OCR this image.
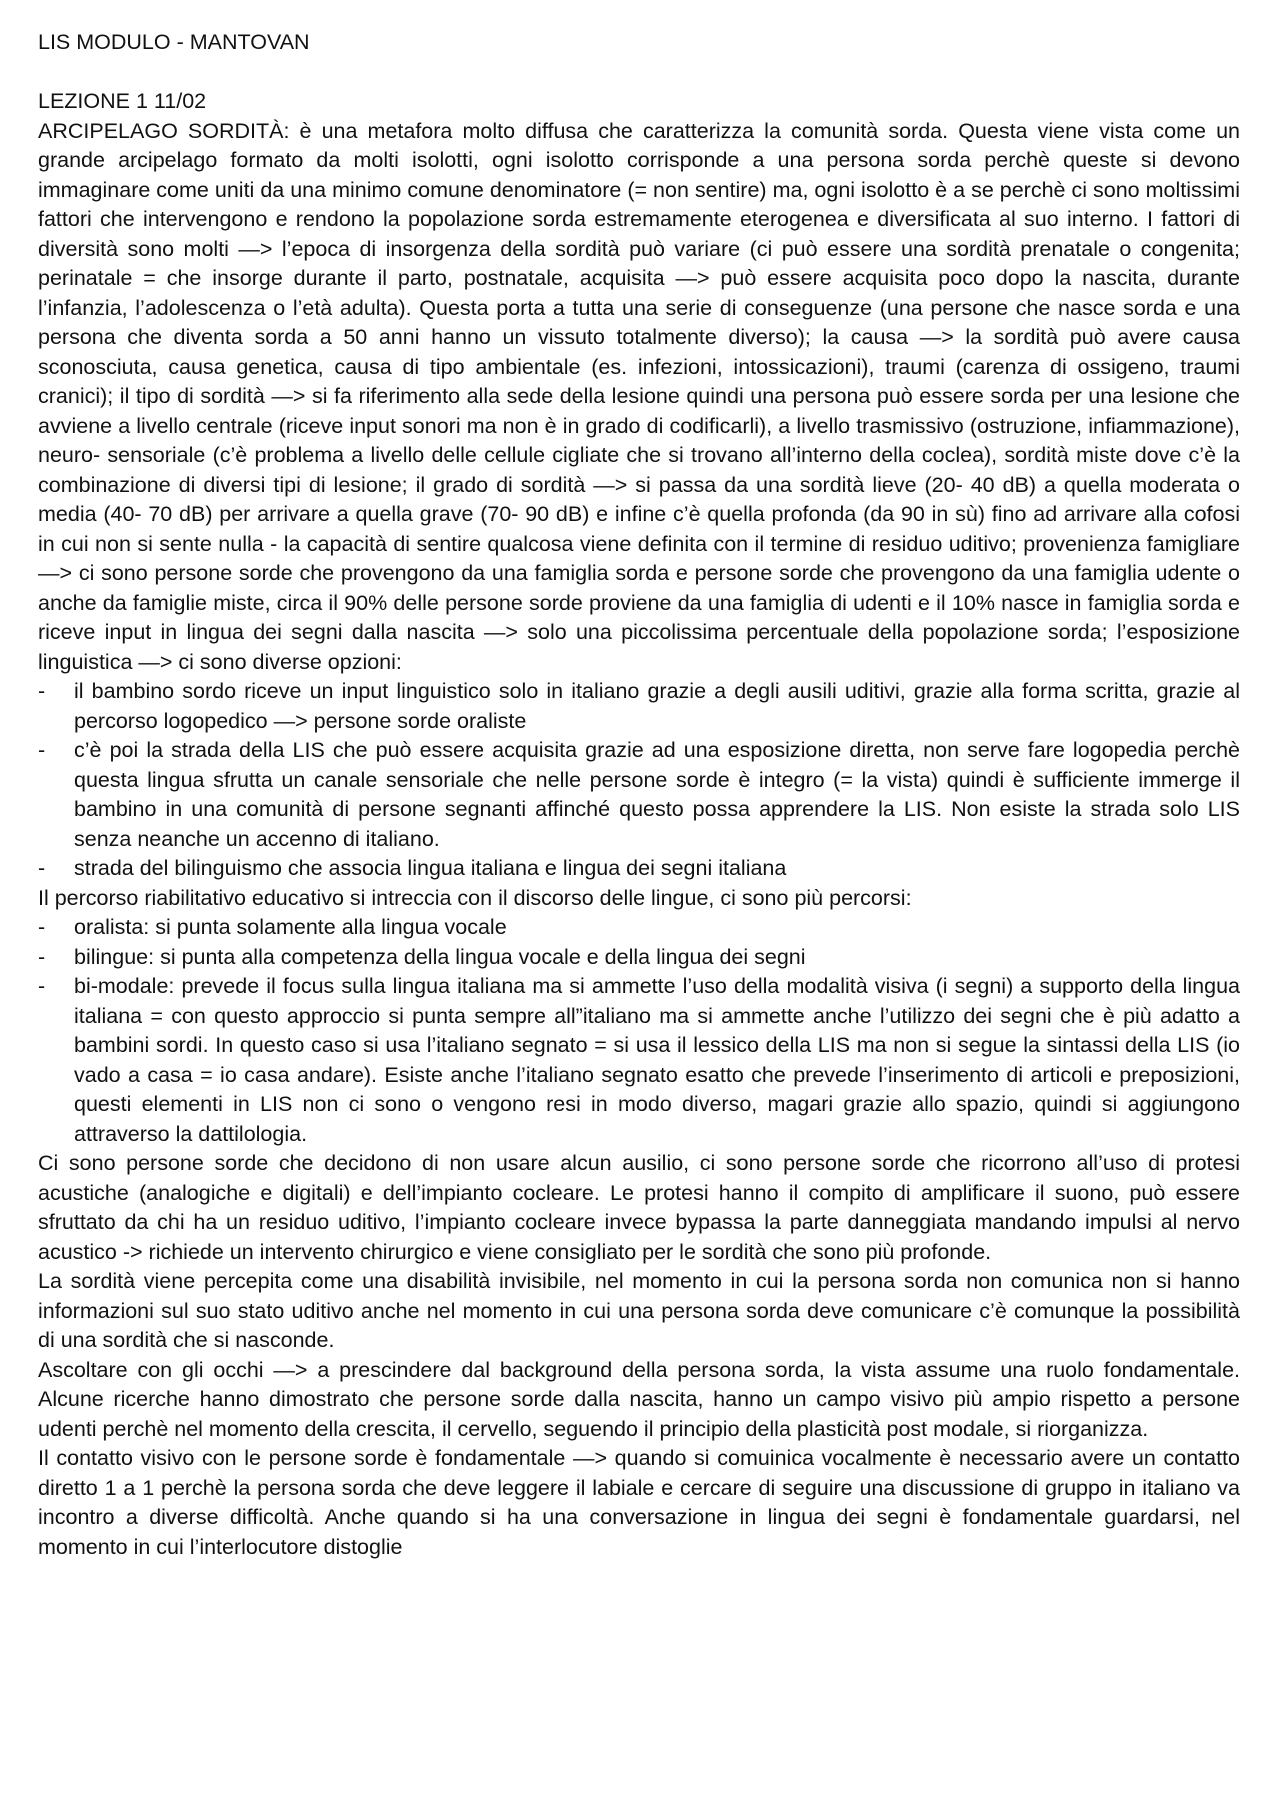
LIS MODULO - MANTOVAN
LEZIONE 1 11/02

ARCIPELAGO SORDITÀ: è una metafora molto diffusa che caratterizza la comunità sorda. Questa viene vista come un grande arcipelago formato da molti isolotti, ogni isolotto corrisponde a una persona sorda perchè queste si devono immaginare come uniti da una minimo comune denominatore (= non sentire) ma, ogni isolotto è a se perchè ci sono moltissimi fattori che intervengono e rendono la popolazione sorda estremamente eterogenea e diversificata al suo interno. I fattori di diversità sono molti —> l’epoca di insorgenza della sordità può variare (ci può essere una sordità prenatale o congenita; perinatale = che insorge durante il parto, postnatale, acquisita —> può essere acquisita poco dopo la nascita, durante l’infanzia, l’adolescenza o l’età adulta). Questa porta a tutta una serie di conseguenze (una persone che nasce sorda e una persona che diventa sorda a 50 anni hanno un vissuto totalmente diverso); la causa —> la sordità può avere causa sconosciuta, causa genetica, causa di tipo ambientale (es. infezioni, intossicazioni), traumi (carenza di ossigeno, traumi cranici); il tipo di sordità —> si fa riferimento alla sede della lesione quindi una persona può essere sorda per una lesione che avviene a livello centrale (riceve input sonori ma non è in grado di codificarli), a livello trasmissivo (ostruzione, infiammazione), neuro- sensoriale (c’è problema a livello delle cellule cigliate che si trovano all’interno della coclea), sordità miste dove c’è la combinazione di diversi tipi di lesione; il grado di sordità —> si passa da una sordità lieve (20- 40 dB) a quella moderata o media (40- 70 dB) per arrivare a quella grave (70- 90 dB) e infine c’è quella profonda (da 90 in sù) fino ad arrivare alla cofosi in cui non si sente nulla - la capacità di sentire qualcosa viene definita con il termine di residuo uditivo; provenienza famigliare —> ci sono persone sorde che provengono da una famiglia sorda e persone sorde che provengono da una famiglia udente o anche da famiglie miste, circa il 90% delle persone sorde proviene da una famiglia di udenti e il 10% nasce in famiglia sorda e riceve input in lingua dei segni dalla nascita —> solo una piccolissima percentuale della popolazione sorda; l’esposizione linguistica —> ci sono diverse opzioni:

-	il bambino sordo riceve un input linguistico solo in italiano grazie a degli ausili uditivi, grazie alla forma scritta, grazie al percorso logopedico —> persone sorde oraliste
-	c’è poi la strada della LIS che può essere acquisita grazie ad una esposizione diretta, non serve fare logopedia perchè questa lingua sfrutta un canale sensoriale che nelle persone sorde è integro (= la vista) quindi è sufficiente immerge il bambino in una comunità di persone segnanti affinché questo possa apprendere la LIS. Non esiste la strada solo LIS senza neanche un accenno di italiano.
-	strada del bilinguismo che associa lingua italiana e lingua dei segni italiana

Il percorso riabilitativo educativo si intreccia con il discorso delle lingue, ci sono più percorsi:

-	oralista: si punta solamente alla lingua vocale
-	bilingue: si punta alla competenza della lingua vocale e della lingua dei segni
-	bi-modale: prevede il focus sulla lingua italiana ma si ammette l’uso della modalità visiva (i segni) a supporto della lingua italiana = con questo approccio si punta sempre all”italiano ma si ammette anche l’utilizzo dei segni che è più adatto a bambini sordi. In questo caso si usa l’italiano segnato = si usa il lessico della LIS ma non si segue la sintassi della LIS (io vado a casa = io casa andare). Esiste anche l’italiano segnato esatto che prevede l’inserimento di articoli e preposizioni, questi elementi in LIS non ci sono o vengono resi in modo diverso, magari grazie allo spazio, quindi si aggiungono attraverso la dattilologia.

Ci sono persone sorde che decidono di non usare alcun ausilio, ci sono persone sorde che ricorrono all’uso di protesi acustiche (analogiche e digitali) e dell’impianto cocleare. Le protesi hanno il compito di amplificare il suono, può essere sfruttato da chi ha un residuo uditivo, l’impianto cocleare invece bypassa la parte danneggiata mandando impulsi al nervo acustico -> richiede un intervento chirurgico e viene consigliato per le sordità che sono più profonde.

La sordità viene percepita come una disabilità invisibile, nel momento in cui la persona sorda non comunica non si hanno informazioni sul suo stato uditivo anche nel momento in cui una persona sorda deve comunicare c’è comunque la possibilità di una sordità che si nasconde.

Ascoltare con gli occhi —> a prescindere dal background della persona sorda, la vista assume una ruolo fondamentale. Alcune ricerche hanno dimostrato che persone sorde dalla nascita, hanno un campo visivo più ampio rispetto a persone udenti perchè nel momento della crescita, il cervello, seguendo il principio della plasticità post modale, si riorganizza.

Il contatto visivo con le persone sorde è fondamentale —> quando si comuinica vocalmente è necessario avere un contatto diretto 1 a 1 perchè la persona sorda che deve leggere il labiale e cercare di seguire una discussione di gruppo in italiano va incontro a diverse difficoltà. Anche quando si ha una conversazione in lingua dei segni è fondamentale guardarsi, nel momento in cui l’interlocutore distoglie
